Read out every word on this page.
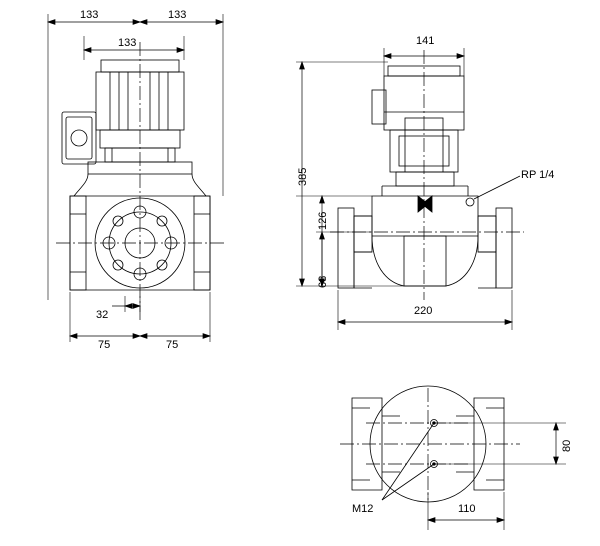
133	133
133
32
75	75
141
385
126
68
220
RP 1/4
80
110
M12
